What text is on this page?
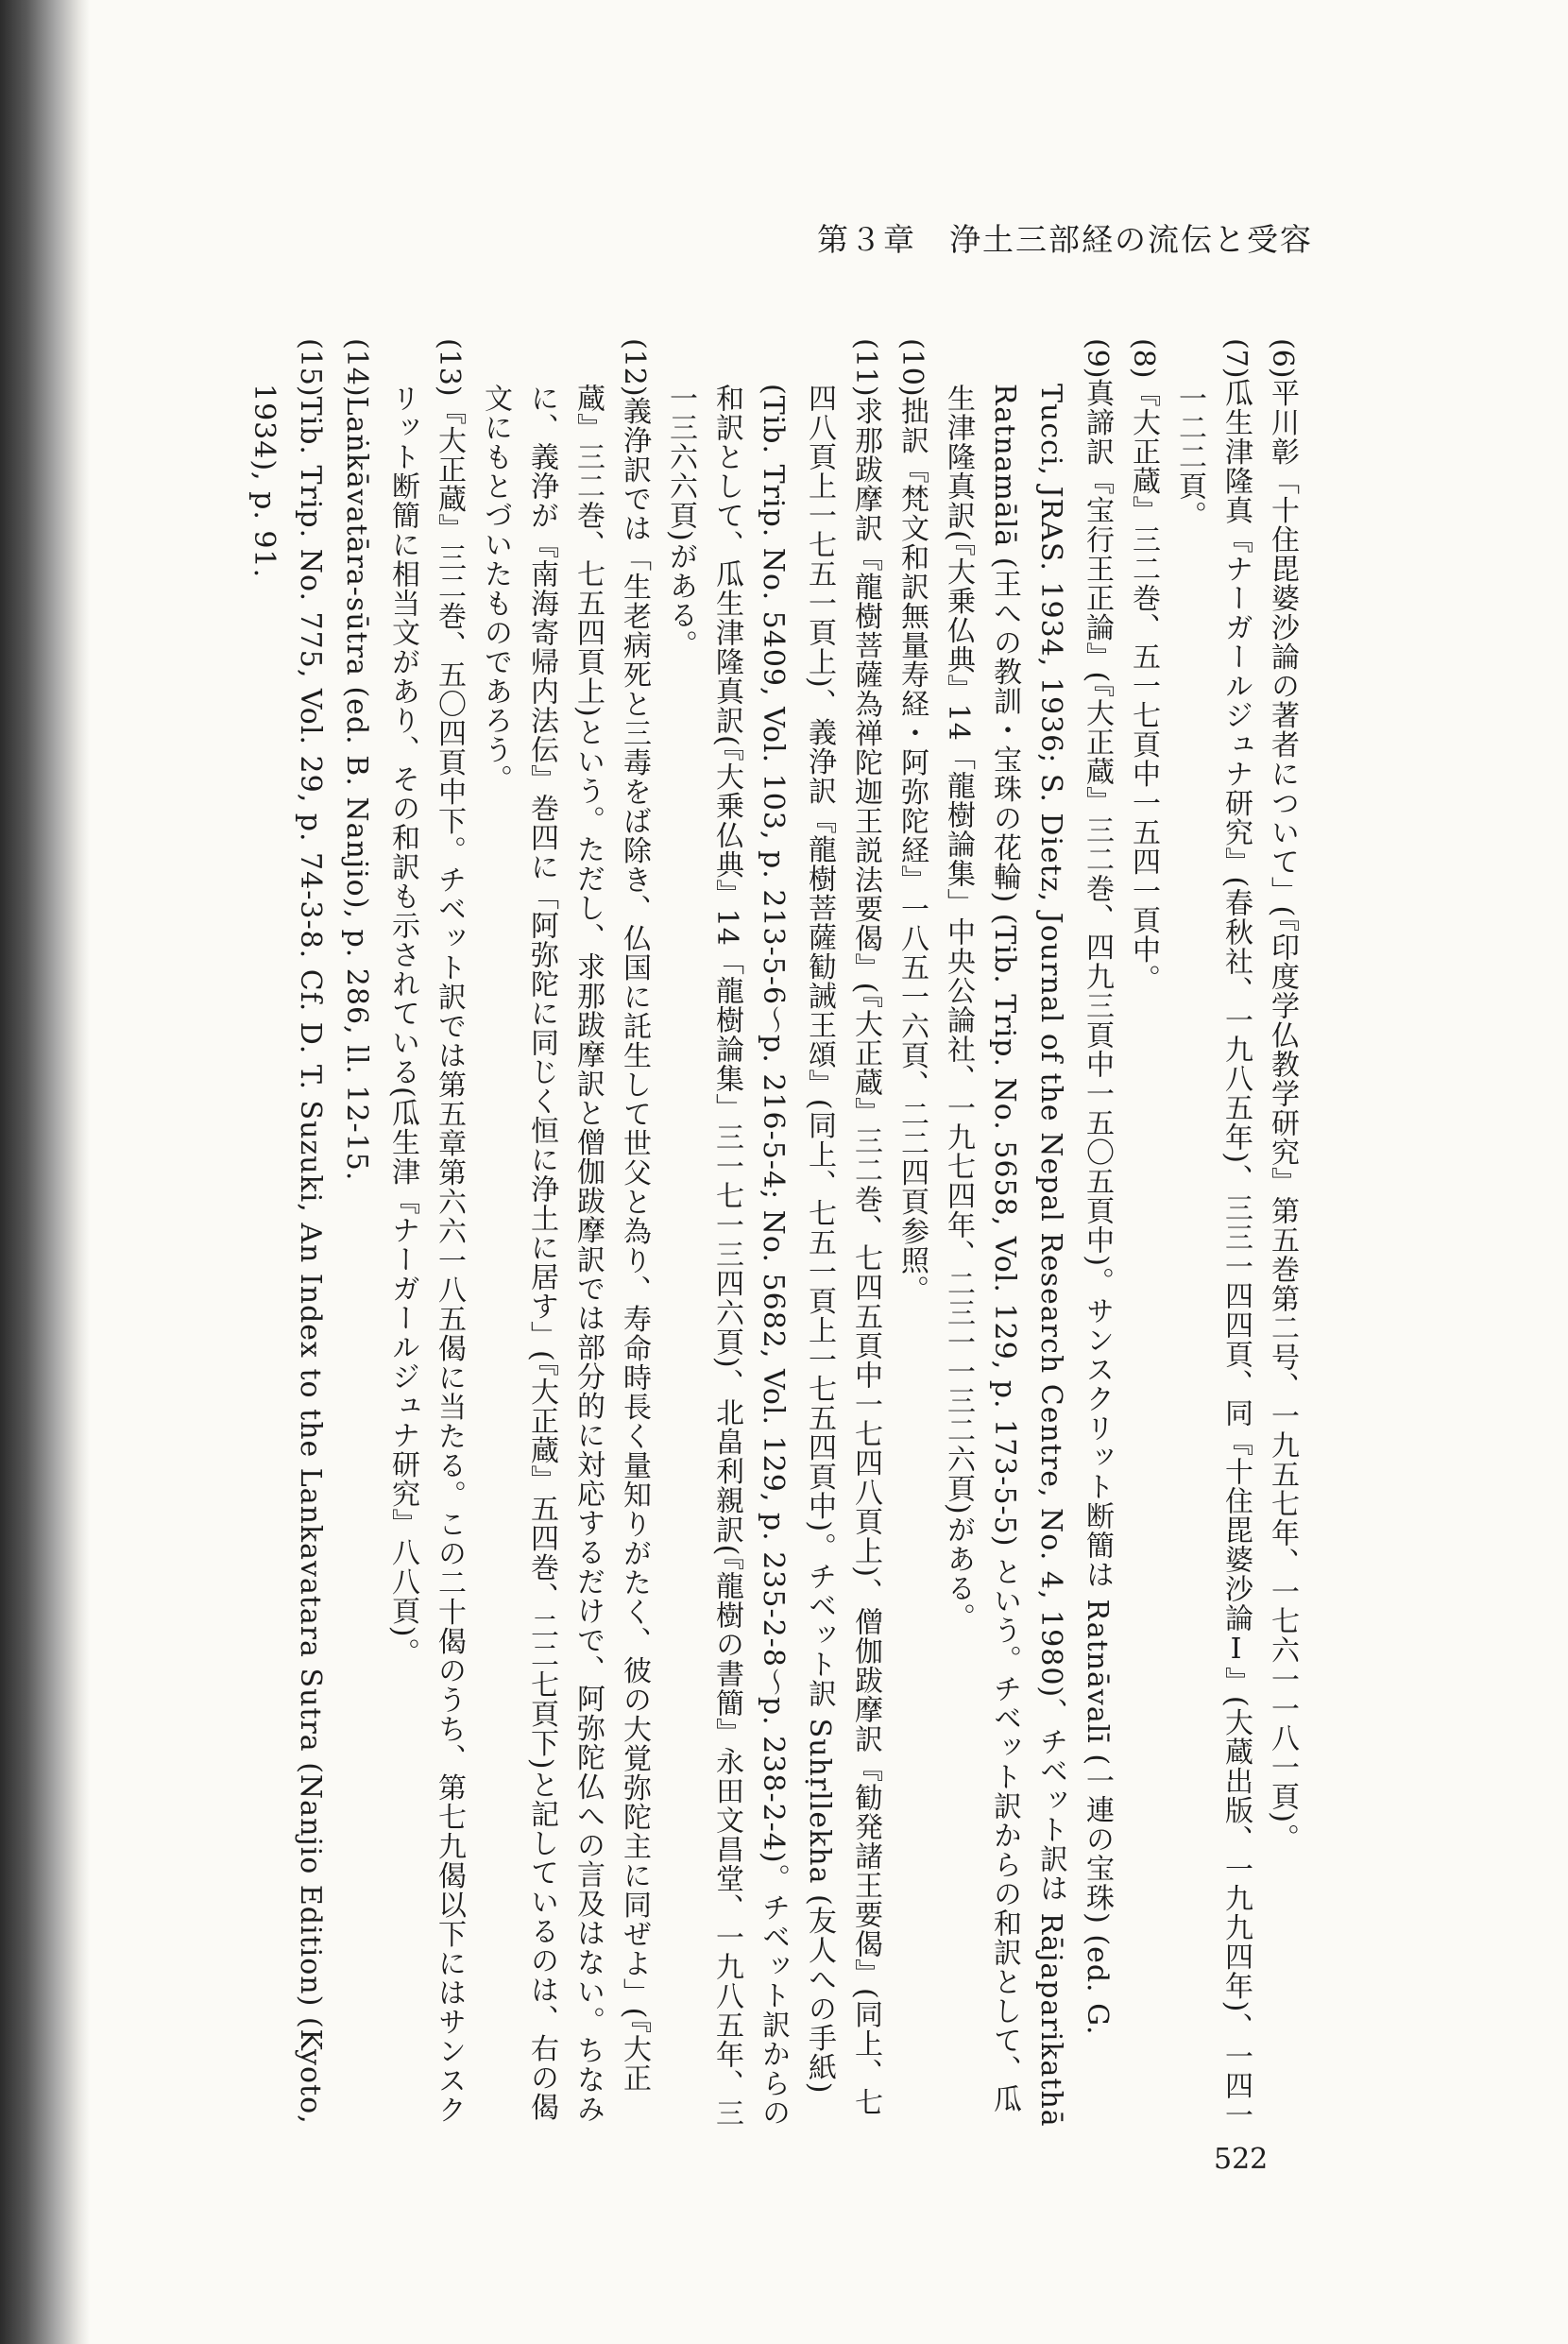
第３章　浄土三部経の流伝と受容

(6)平川彰「十住毘婆沙論の著者について」(『印度学仏教学研究』第五巻第二号、一九五七年、一七六一一八一頁)。

(7)瓜生津隆真『ナーガールジュナ研究』(春秋社、一九八五年)、三三一四四頁、同『十住毘婆沙論Ⅰ』(大蔵出版、一九九四年)、一四一一二二頁。

(8)『大正蔵』三二巻、五一七頁中一五四一頁中。

(9)真諦訳『宝行王正論』(『大正蔵』三二巻、四九三頁中一五〇五頁中)。サンスクリット断簡は Ratnāvalī (一連の宝珠) (ed. G. Tucci, JRAS. 1934, 1936; S. Dietz, Journal of the Nepal Research Centre, No. 4, 1980)、チベット訳は Rājaparikathā Ratnamālā (王への教訓・宝珠の花輪) (Tib. Trip. No. 5658, Vol. 129, p. 173-5-5) という。チベット訳からの和訳として、瓜生津隆真訳(『大乗仏典』14「龍樹論集」中央公論社、一九七四年、二三一一三二六頁)がある。

(10)拙訳『梵文和訳無量寿経・阿弥陀経』一八五一六頁、二二四頁参照。

(11)求那跋摩訳『龍樹菩薩為禅陀迦王説法要偈』(『大正蔵』三二巻、七四五頁中一七四八頁上)、僧伽跋摩訳『勧発諸王要偈』(同上、七四八頁上一七五一頁上)、義浄訳『龍樹菩薩勧誡王頌』(同上、七五一頁上一七五四頁中)。チベット訳 Suhṛllekha (友人への手紙) (Tib. Trip. No. 5409, Vol. 103, p. 213-5-6～p. 216-5-4; No. 5682, Vol. 129, p. 235-2-8～p. 238-2-4)。チベット訳からの和訳として、瓜生津隆真訳(『大乗仏典』14「龍樹論集」三一七一三四六頁)、北畠利親訳(『龍樹の書簡』永田文昌堂、一九八五年、三一三六六頁)がある。

(12)義浄訳では「生老病死と三毒をば除き、仏国に託生して世父と為り、寿命時長く量知りがたく、彼の大覚弥陀主に同ぜよ」(『大正蔵』三二巻、七五四頁上)という。ただし、求那跋摩訳と僧伽跋摩訳では部分的に対応するだけで、阿弥陀仏への言及はない。ちなみに、義浄が『南海寄帰内法伝』巻四に「阿弥陀に同じく恒に浄土に居す」(『大正蔵』五四巻、二二七頁下)と記しているのは、右の偈文にもとづいたものであろう。

(13)『大正蔵』三二巻、五〇四頁中下。チベット訳では第五章第六六一八五偈に当たる。この二十偈のうち、第七九偈以下にはサンスクリット断簡に相当文があり、その和訳も示されている(瓜生津『ナーガールジュナ研究』八八頁)。

(14)Laṅkāvatāra-sūtra (ed. B. Nanjio), p. 286, ll. 12-15.

(15)Tib. Trip. No. 775, Vol. 29, p. 74-3-8. Cf. D. T. Suzuki, An Index to the Lankavatara Sutra (Nanjio Edition) (Kyoto, 1934), p. 91.

522
